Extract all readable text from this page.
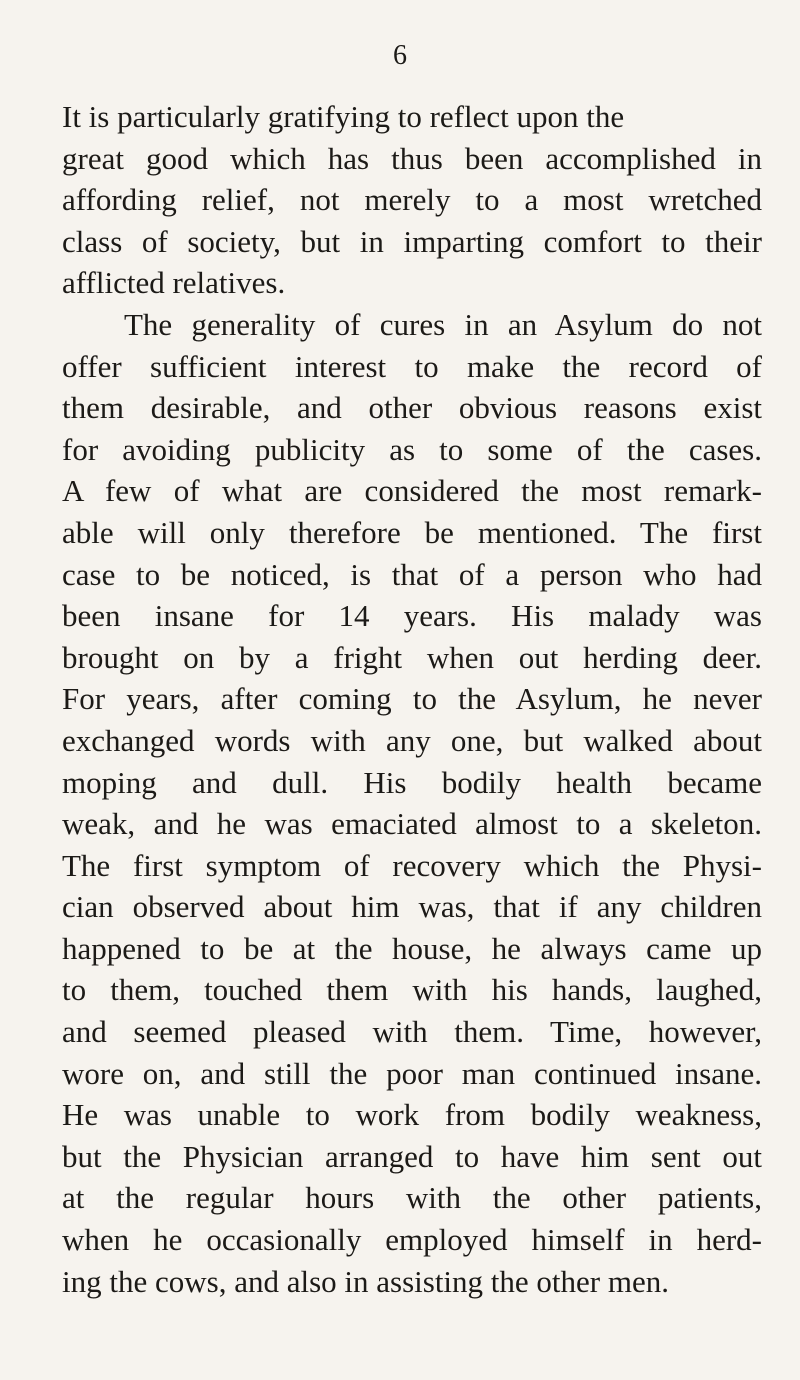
6
It is particularly gratifying to reflect upon the
great good which has thus been accomplished in
affording relief, not merely to a most wretched
class of society, but in imparting comfort to their
afflicted relatives.
The generality of cures in an Asylum do not
offer sufficient interest to make the record of
them desirable, and other obvious reasons exist
for avoiding publicity as to some of the cases.
A few of what are considered the most remark-
able will only therefore be mentioned. The first
case to be noticed, is that of a person who had
been insane for 14 years. His malady was
brought on by a fright when out herding deer.
For years, after coming to the Asylum, he never
exchanged words with any one, but walked about
moping and dull. His bodily health became
weak, and he was emaciated almost to a skeleton.
The first symptom of recovery which the Physi-
cian observed about him was, that if any children
happened to be at the house, he always came up
to them, touched them with his hands, laughed,
and seemed pleased with them. Time, however,
wore on, and still the poor man continued insane.
He was unable to work from bodily weakness,
but the Physician arranged to have him sent out
at the regular hours with the other patients,
when he occasionally employed himself in herd-
ing the cows, and also in assisting the other men.
